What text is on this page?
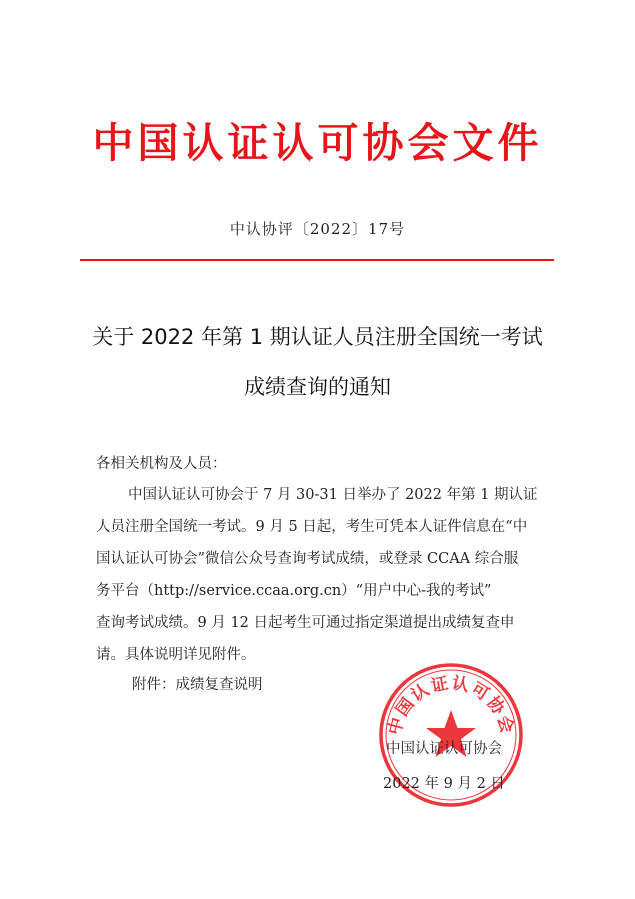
中国认证认可协会文件
中认协评〔2022〕17号
关于 2022 年第 1 期认证人员注册全国统一考试
成绩查询的通知
各相关机构及人员：
中国认证认可协会于 7 月 30-31 日举办了 2022 年第 1 期认证
人员注册全国统一考试。9 月 5 日起，考生可凭本人证件信息在“中
国认证认可协会”微信公众号查询考试成绩，或登录 CCAA 综合服
务平台（http://service.ccaa.org.cn）“用户中心-我的考试”
查询考试成绩。9 月 12 日起考生可通过指定渠道提出成绩复查申
请。具体说明详见附件。
附件：成绩复查说明
中国认证认可协会
中国认证认可协会
2022 年 9 月 2 日
